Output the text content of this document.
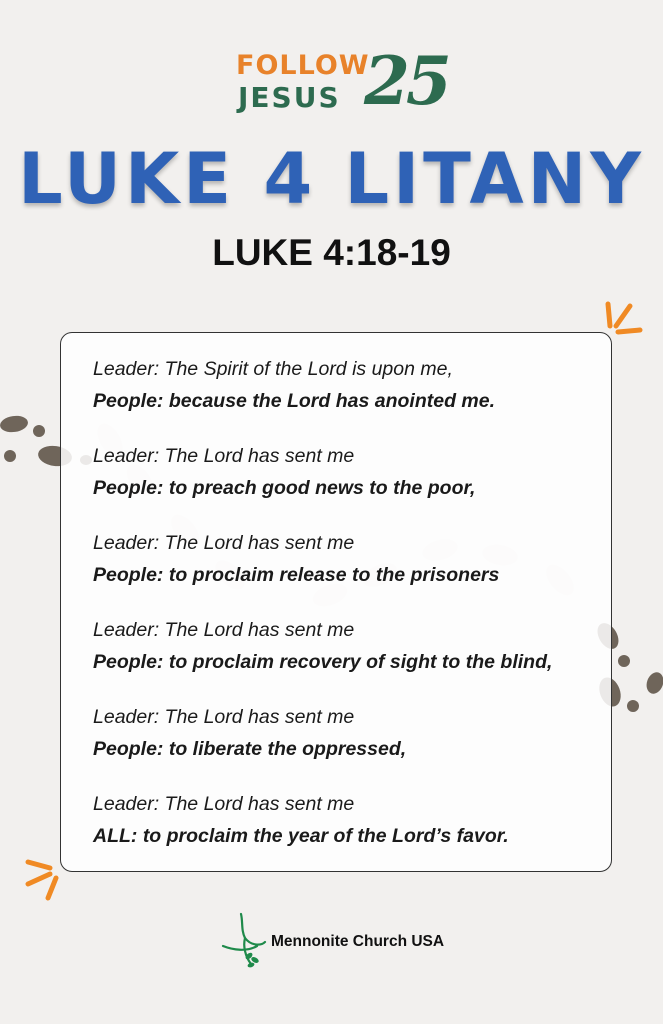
FOLLOW
JESUS 25
LUKE 4 LITANY
LUKE 4:18-19
Leader: The Spirit of the Lord is upon me,
People: because the Lord has anointed me.
Leader: The Lord has sent me
People: to preach good news to the poor,
Leader: The Lord has sent me
People: to proclaim release to the prisoners
Leader: The Lord has sent me
People: to proclaim recovery of sight to the blind,
Leader: The Lord has sent me
People: to liberate the oppressed,
Leader: The Lord has sent me
ALL: to proclaim the year of the Lord’s favor.
Mennonite Church USA
